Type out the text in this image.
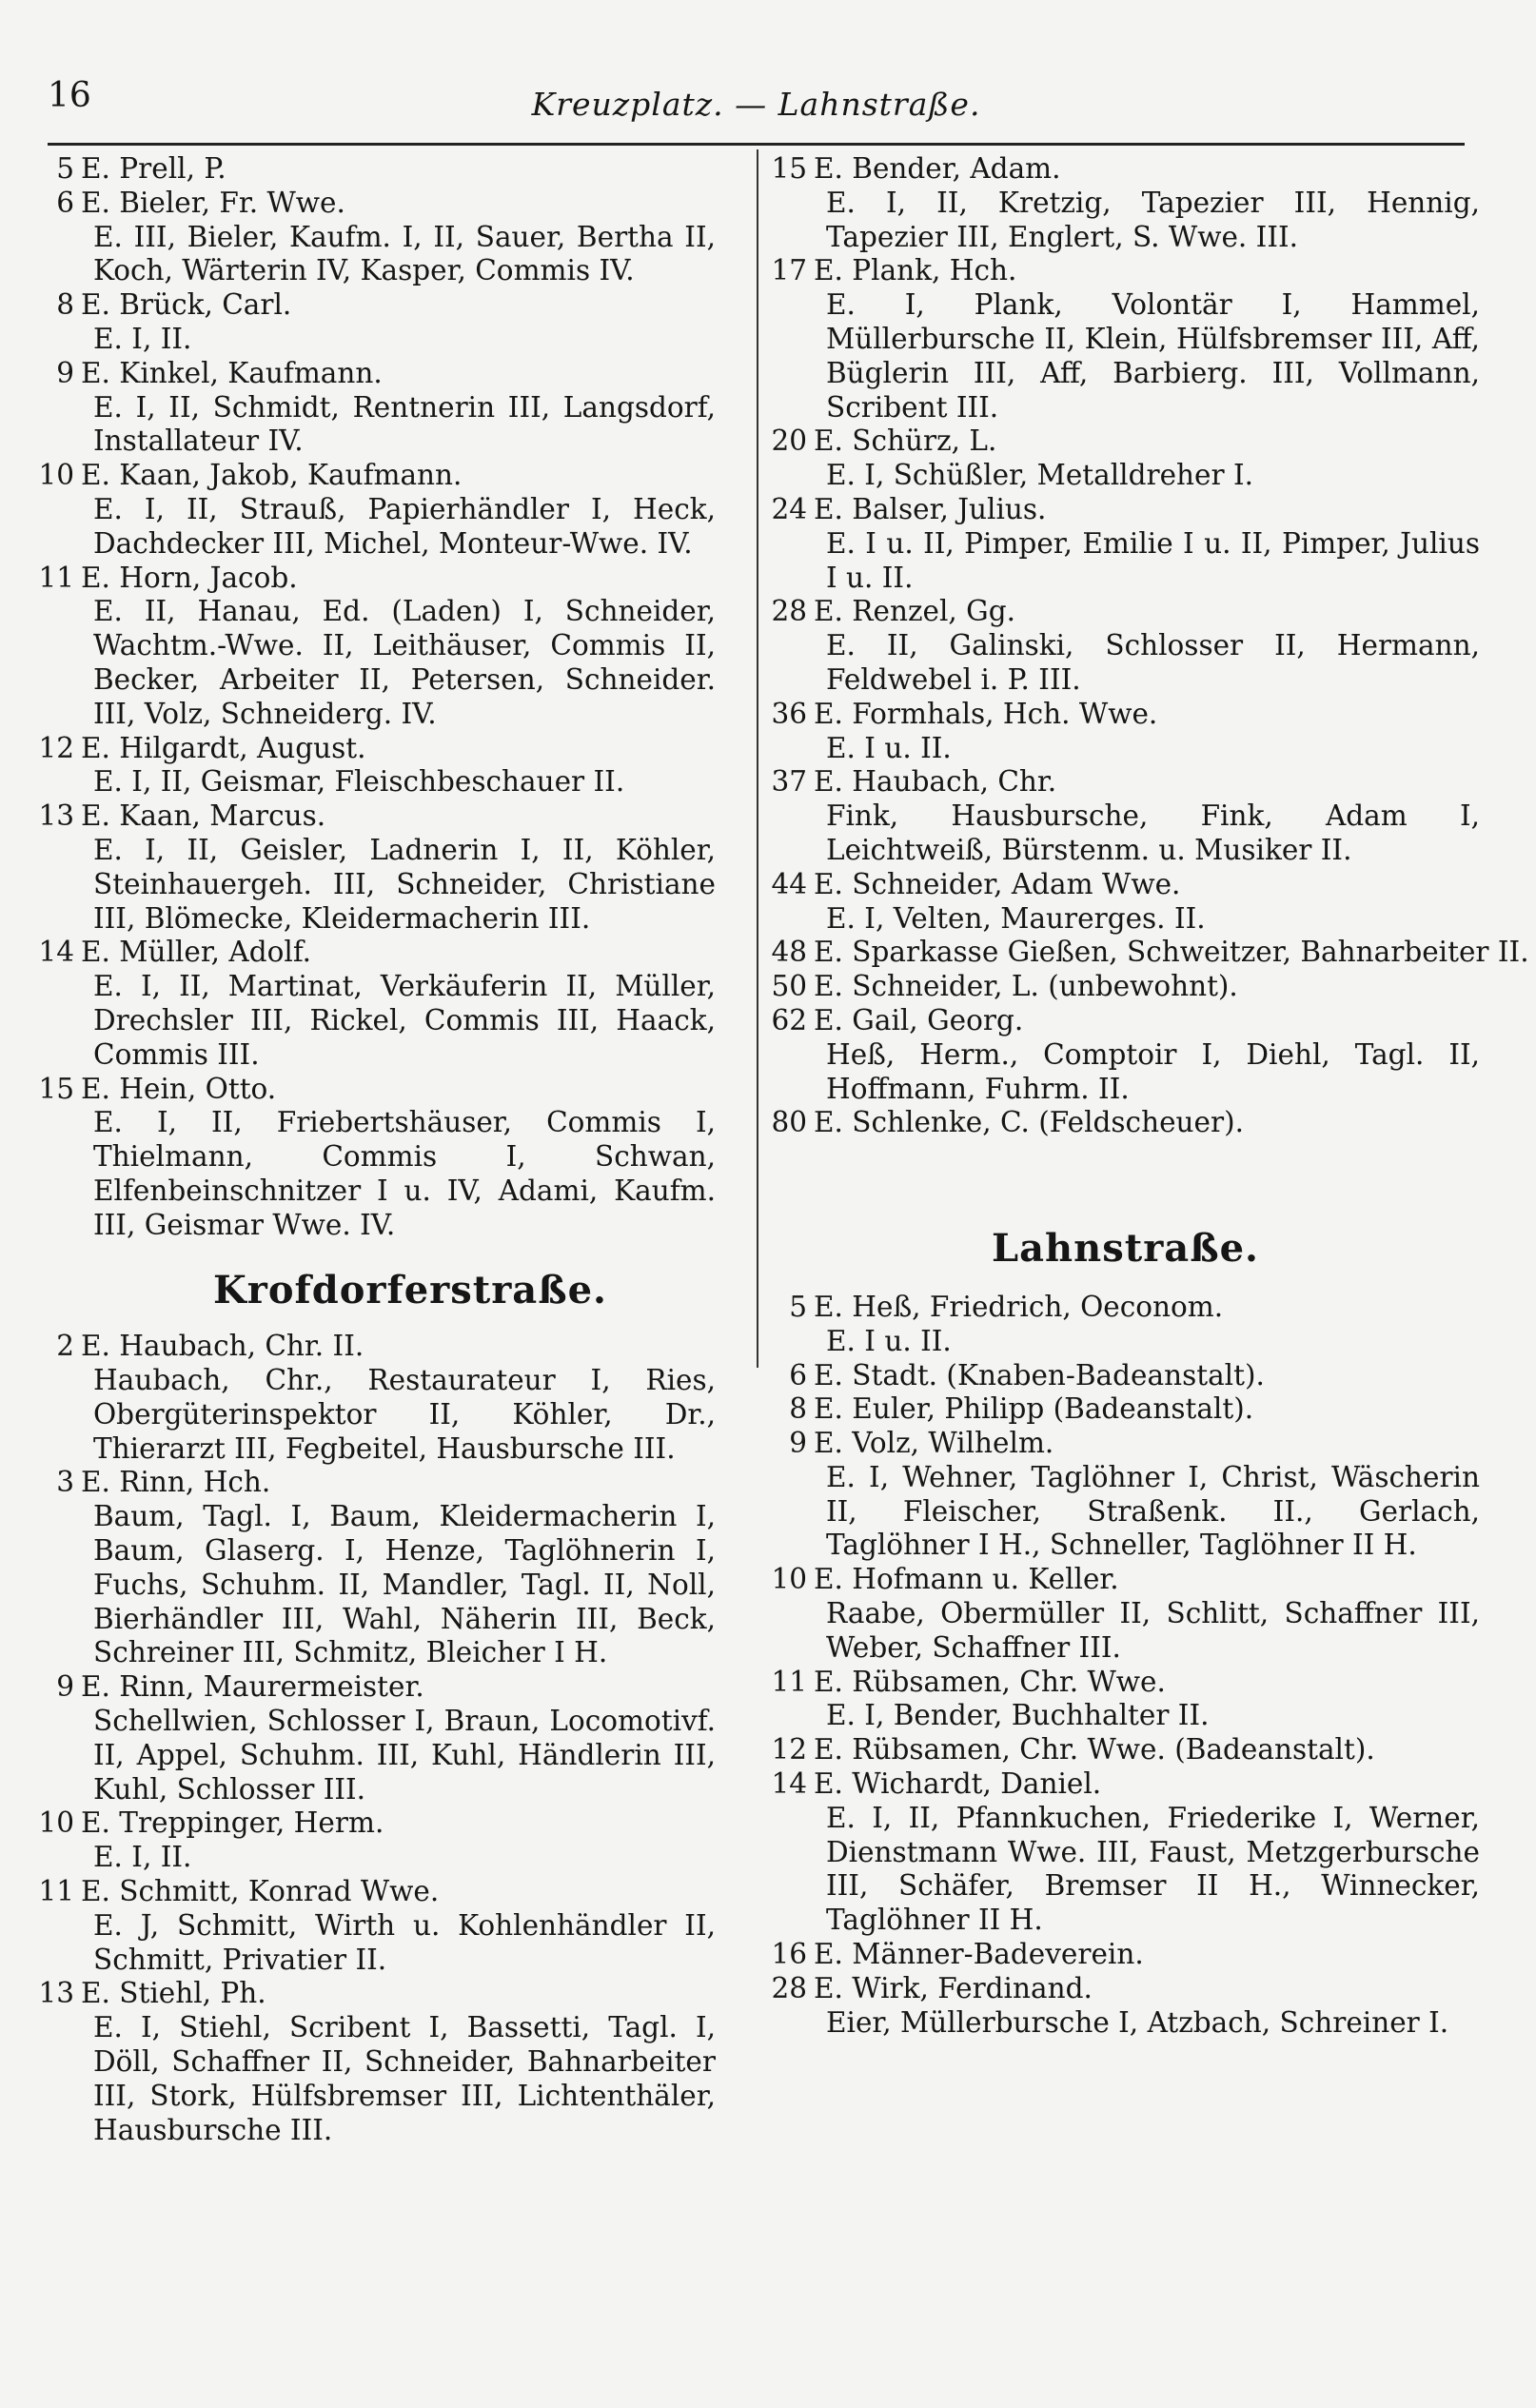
16	Kreuzplatz. — Lahnstraße.
5 E. Prell, P.
6 E. Bieler, Fr. Wwe.
E. III, Bieler, Kaufm. I, II, Sauer, Bertha II, Koch, Wärterin IV, Kasper, Commis IV.
8 E. Brück, Carl.
E. I, II.
9 E. Kinkel, Kaufmann.
E. I, II, Schmidt, Rentnerin III, Langsdorf, Installateur IV.
10 E. Kaan, Jakob, Kaufmann.
E. I, II, Strauß, Papierhändler I, Heck, Dachdecker III, Michel, Monteur-Wwe. IV.
11 E. Horn, Jacob.
E. II, Hanau, Ed. (Laden) I, Schneider, Wachtm.-Wwe. II, Leithäuser, Commis II, Becker, Arbeiter II, Petersen, Schneider. III, Volz, Schneiderg. IV.
12 E. Hilgardt, August.
E. I, II, Geismar, Fleischbeschauer II.
13 E. Kaan, Marcus.
E. I, II, Geisler, Ladnerin I, II, Köhler, Steinhauergeh. III, Schneider, Christiane III, Blömecke, Kleidermacherin III.
14 E. Müller, Adolf.
E. I, II, Martinat, Verkäuferin II, Müller, Drechsler III, Rickel, Commis III, Haack, Commis III.
15 E. Hein, Otto.
E. I, II, Friebertshäuser, Commis I, Thielmann, Commis I, Schwan, Elfenbeinschnitzer I u. IV, Adami, Kaufm. III, Geismar Wwe. IV.
Krofdorferstraße.
2 E. Haubach, Chr. II.
Haubach, Chr., Restaurateur I, Ries, Obergüterinspektor II, Köhler, Dr., Thierarzt III, Fegbeitel, Hausbursche III.
3 E. Rinn, Hch.
Baum, Tagl. I, Baum, Kleidermacherin I, Baum, Glaserg. I, Henze, Taglöhnerin I, Fuchs, Schuhm. II, Mandler, Tagl. II, Noll, Bierhändler III, Wahl, Näherin III, Beck, Schreiner III, Schmitz, Bleicher I H.
9 E. Rinn, Maurermeister.
Schellwien, Schlosser I, Braun, Locomotivf. II, Appel, Schuhm. III, Kuhl, Händlerin III, Kuhl, Schlosser III.
10 E. Treppinger, Herm.
E. I, II.
11 E. Schmitt, Konrad Wwe.
E. J, Schmitt, Wirth u. Kohlenhändler II, Schmitt, Privatier II.
13 E. Stiehl, Ph.
E. I, Stiehl, Scribent I, Bassetti, Tagl. I, Döll, Schaffner II, Schneider, Bahnarbeiter III, Stork, Hülfsbremser III, Lichtenthäler, Hausbursche III.
15 E. Bender, Adam.
E. I, II, Kretzig, Tapezier III, Hennig, Tapezier III, Englert, S. Wwe. III.
17 E. Plank, Hch.
E. I, Plank, Volontär I, Hammel, Müllerbursche II, Klein, Hülfsbremser III, Aff, Büglerin III, Aff, Barbierg. III, Vollmann, Scribent III.
20 E. Schürz, L.
E. I, Schüßler, Metalldreher I.
24 E. Balser, Julius.
E. I u. II, Pimper, Emilie I u. II, Pimper, Julius I u. II.
28 E. Renzel, Gg.
E. II, Galinski, Schlosser II, Hermann, Feldwebel i. P. III.
36 E. Formhals, Hch. Wwe.
E. I u. II.
37 E. Haubach, Chr.
Fink, Hausbursche, Fink, Adam I, Leichtweiß, Bürstenm. u. Musiker II.
44 E. Schneider, Adam Wwe.
E. I, Velten, Maurerges. II.
48 E. Sparkasse Gießen, Schweitzer, Bahnarbeiter II.
50 E. Schneider, L. (unbewohnt).
62 E. Gail, Georg.
Heß, Herm., Comptoir I, Diehl, Tagl. II, Hoffmann, Fuhrm. II.
80 E. Schlenke, C. (Feldscheuer).
Lahnstraße.
5 E. Heß, Friedrich, Oeconom.
E. I u. II.
6 E. Stadt. (Knaben-Badeanstalt).
8 E. Euler, Philipp (Badeanstalt).
9 E. Volz, Wilhelm.
E. I, Wehner, Taglöhner I, Christ, Wäscherin II, Fleischer, Straßenk. II., Gerlach, Taglöhner I H., Schneller, Taglöhner II H.
10 E. Hofmann u. Keller.
Raabe, Obermüller II, Schlitt, Schaffner III, Weber, Schaffner III.
11 E. Rübsamen, Chr. Wwe.
E. I, Bender, Buchhalter II.
12 E. Rübsamen, Chr. Wwe. (Badeanstalt).
14 E. Wichardt, Daniel.
E. I, II, Pfannkuchen, Friederike I, Werner, Dienstmann Wwe. III, Faust, Metzgerbursche III, Schäfer, Bremser II H., Winnecker, Taglöhner II H.
16 E. Männer-Badeverein.
28 E. Wirk, Ferdinand.
Eier, Müllerbursche I, Atzbach, Schreiner I.
